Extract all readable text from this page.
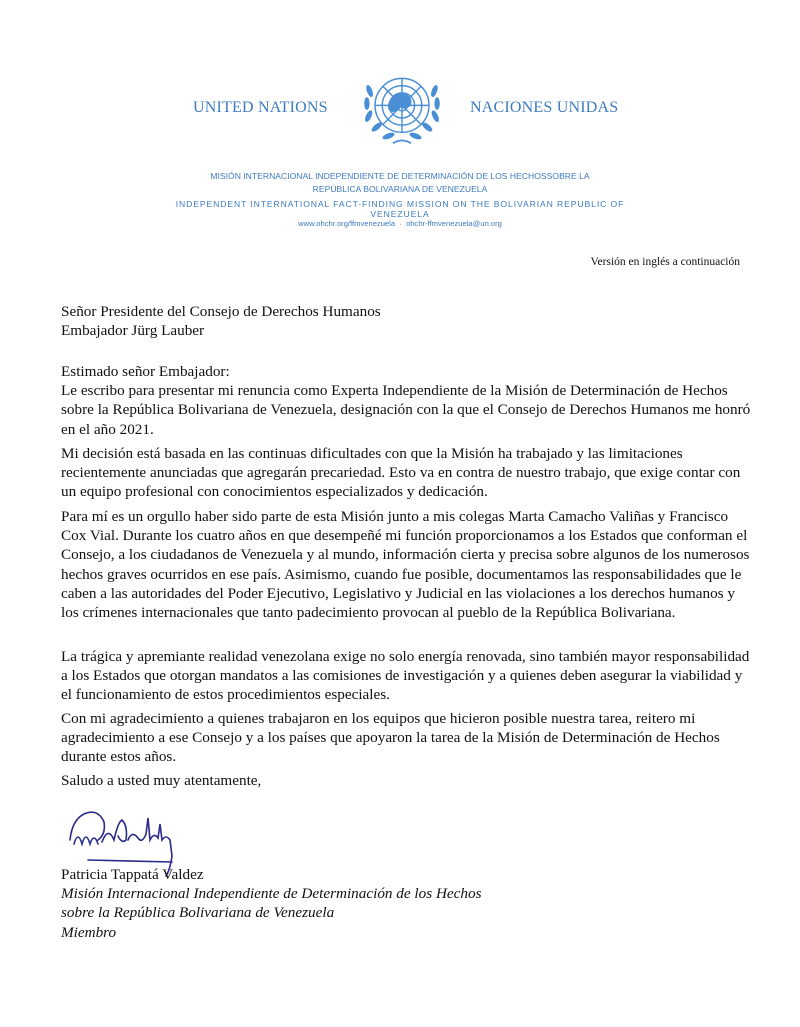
UNITED NATIONS	NACIONES UNIDAS
MISIÓN INTERNACIONAL INDEPENDIENTE DE DETERMINACIÓN DE LOS HECHOSSOBRE LA
REPÚBLICA BOLIVARIANA DE VENEZUELA
INDEPENDENT INTERNATIONAL FACT-FINDING MISSION ON THE BOLIVARIAN REPUBLIC OF VENEZUELA
www.ohchr.org/ffmvenezuela · ohchr-ffmvenezuela@un.org
Versión en inglés a continuación

Señor Presidente del Consejo de Derechos Humanos

Embajador Jürg Lauber

Estimado señor Embajador:

Le escribo para presentar mi renuncia como Experta Independiente de la Misión de Determinación de Hechos sobre la República Bolivariana de Venezuela, designación con la que el Consejo de Derechos Humanos me honró en el año 2021.

Mi decisión está basada en las continuas dificultades con que la Misión ha trabajado y las limitaciones recientemente anunciadas que agregarán precariedad. Esto va en contra de nuestro trabajo, que exige contar con un equipo profesional con conocimientos especializados y dedicación.

Para mí es un orgullo haber sido parte de esta Misión junto a mis colegas Marta Camacho Valiñas y Francisco Cox Vial. Durante los cuatro años en que desempeñé mi función proporcionamos a los Estados que conforman el Consejo, a los ciudadanos de Venezuela y al mundo, información cierta y precisa sobre algunos de los numerosos hechos graves ocurridos en ese país. Asimismo, cuando fue posible, documentamos las responsabilidades que le caben a las autoridades del Poder Ejecutivo, Legislativo y Judicial en las violaciones a los derechos humanos y los crímenes internacionales que tanto padecimiento provocan al pueblo de la República Bolivariana.

La trágica y apremiante realidad venezolana exige no solo energía renovada, sino también mayor responsabilidad a los Estados que otorgan mandatos a las comisiones de investigación y a quienes deben asegurar la viabilidad y el funcionamiento de estos procedimientos especiales.

Con mi agradecimiento a quienes trabajaron en los equipos que hicieron posible nuestra tarea, reitero mi agradecimiento a ese Consejo y a los países que apoyaron la tarea de la Misión de Determinación de Hechos durante estos años.

Saludo a usted muy atentamente,

Patricia Tappatá Valdez

Misión Internacional Independiente de Determinación de los Hechos

sobre la República Bolivariana de Venezuela

Miembro
